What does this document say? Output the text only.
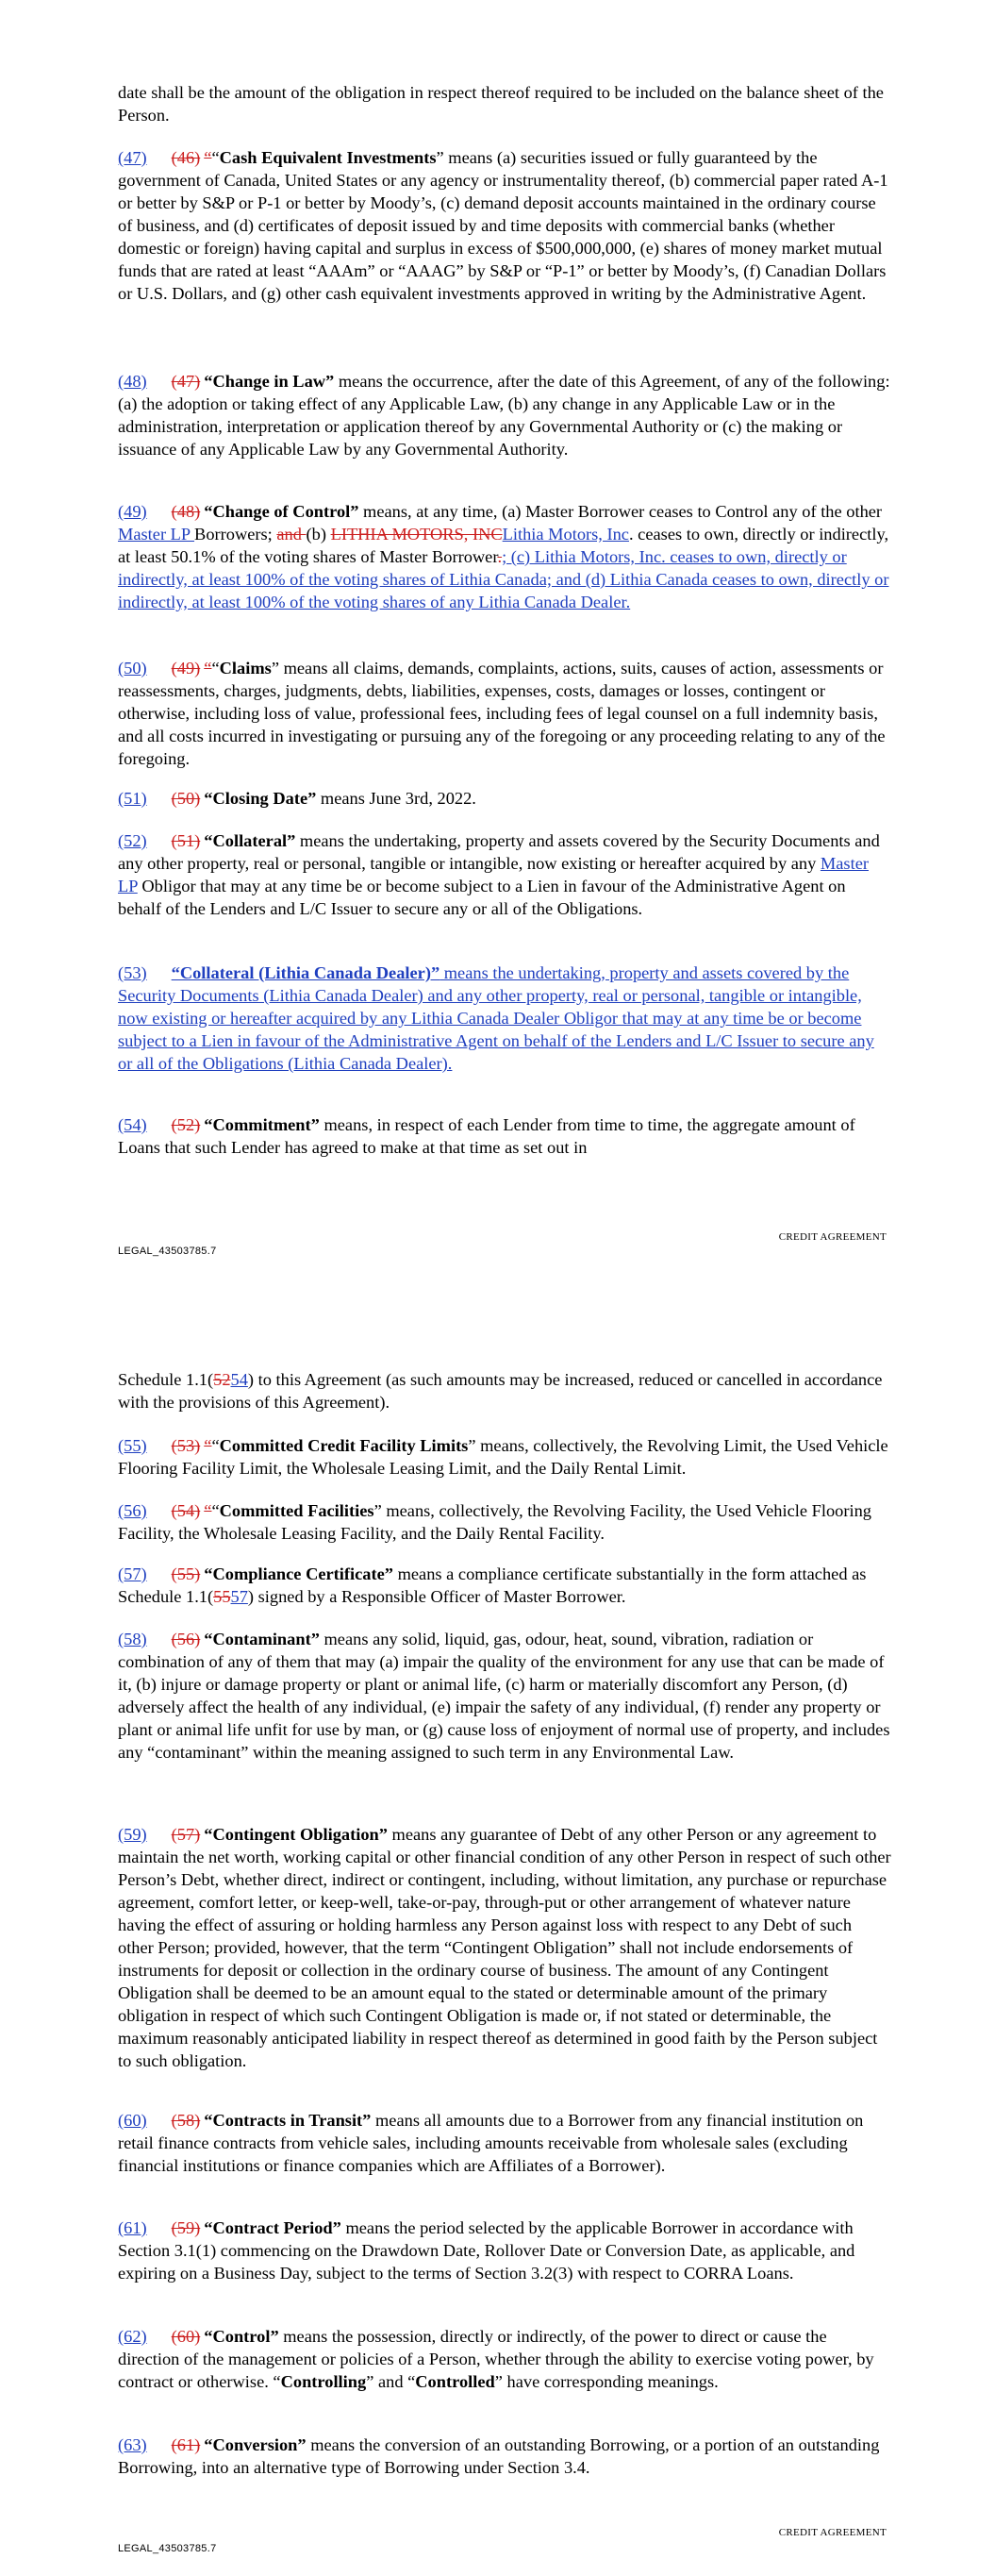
date shall be the amount of the obligation in respect thereof required to be included on the balance sheet of the Person.

(47) (46) ““Cash Equivalent Investments” means (a) securities issued or fully guaranteed by the government of Canada, United States or any agency or instrumentality thereof, (b) commercial paper rated A-1 or better by S&P or P-1 or better by Moody’s, (c) demand deposit accounts maintained in the ordinary course of business, and (d) certificates of deposit issued by and time deposits with commercial banks (whether domestic or foreign) having capital and surplus in excess of $500,000,000, (e) shares of money market mutual funds that are rated at least “AAAm” or “AAAG” by S&P or “P-1” or better by Moody’s, (f) Canadian Dollars or U.S. Dollars, and (g) other cash equivalent investments approved in writing by the Administrative Agent.

(48) (47) “Change in Law” means the occurrence, after the date of this Agreement, of any of the following: (a) the adoption or taking effect of any Applicable Law, (b) any change in any Applicable Law or in the administration, interpretation or application thereof by any Governmental Authority or (c) the making or issuance of any Applicable Law by any Governmental Authority.

(49) (48) “Change of Control” means, at any time, (a) Master Borrower ceases to Control any of the other Master LP Borrowers; and (b) LITHIA MOTORS, INCLithia Motors, Inc. ceases to own, directly or indirectly, at least 50.1% of the voting shares of Master Borrower.; (c) Lithia Motors, Inc. ceases to own, directly or indirectly, at least 100% of the voting shares of Lithia Canada; and (d) Lithia Canada ceases to own, directly or indirectly, at least 100% of the voting shares of any Lithia Canada Dealer.

(50) (49) ““Claims” means all claims, demands, complaints, actions, suits, causes of action, assessments or reassessments, charges, judgments, debts, liabilities, expenses, costs, damages or losses, contingent or otherwise, including loss of value, professional fees, including fees of legal counsel on a full indemnity basis, and all costs incurred in investigating or pursuing any of the foregoing or any proceeding relating to any of the foregoing.

(51) (50) “Closing Date” means June 3rd, 2022.

(52) (51) “Collateral” means the undertaking, property and assets covered by the Security Documents and any other property, real or personal, tangible or intangible, now existing or hereafter acquired by any Master LP Obligor that may at any time be or become subject to a Lien in favour of the Administrative Agent on behalf of the Lenders and L/C Issuer to secure any or all of the Obligations.

(53) “Collateral (Lithia Canada Dealer)” means the undertaking, property and assets covered by the Security Documents (Lithia Canada Dealer) and any other property, real or personal, tangible or intangible, now existing or hereafter acquired by any Lithia Canada Dealer Obligor that may at any time be or become subject to a Lien in favour of the Administrative Agent on behalf of the Lenders and L/C Issuer to secure any or all of the Obligations (Lithia Canada Dealer).

(54) (52) “Commitment” means, in respect of each Lender from time to time, the aggregate amount of Loans that such Lender has agreed to make at that time as set out in

CREDIT AGREEMENT
LEGAL_43503785.7

Schedule 1.1(5254) to this Agreement (as such amounts may be increased, reduced or cancelled in accordance with the provisions of this Agreement).

(55) (53) ““Committed Credit Facility Limits” means, collectively, the Revolving Limit, the Used Vehicle Flooring Facility Limit, the Wholesale Leasing Limit, and the Daily Rental Limit.

(56) (54) ““Committed Facilities” means, collectively, the Revolving Facility, the Used Vehicle Flooring Facility, the Wholesale Leasing Facility, and the Daily Rental Facility.

(57) (55) “Compliance Certificate” means a compliance certificate substantially in the form attached as Schedule 1.1(5557) signed by a Responsible Officer of Master Borrower.

(58) (56) “Contaminant” means any solid, liquid, gas, odour, heat, sound, vibration, radiation or combination of any of them that may (a) impair the quality of the environment for any use that can be made of it, (b) injure or damage property or plant or animal life, (c) harm or materially discomfort any Person, (d) adversely affect the health of any individual, (e) impair the safety of any individual, (f) render any property or plant or animal life unfit for use by man, or (g) cause loss of enjoyment of normal use of property, and includes any “contaminant” within the meaning assigned to such term in any Environmental Law.

(59) (57) “Contingent Obligation” means any guarantee of Debt of any other Person or any agreement to maintain the net worth, working capital or other financial condition of any other Person in respect of such other Person’s Debt, whether direct, indirect or contingent, including, without limitation, any purchase or repurchase agreement, comfort letter, or keep-well, take-or-pay, through-put or other arrangement of whatever nature having the effect of assuring or holding harmless any Person against loss with respect to any Debt of such other Person; provided, however, that the term “Contingent Obligation” shall not include endorsements of instruments for deposit or collection in the ordinary course of business. The amount of any Contingent Obligation shall be deemed to be an amount equal to the stated or determinable amount of the primary obligation in respect of which such Contingent Obligation is made or, if not stated or determinable, the maximum reasonably anticipated liability in respect thereof as determined in good faith by the Person subject to such obligation.

(60) (58) “Contracts in Transit” means all amounts due to a Borrower from any financial institution on retail finance contracts from vehicle sales, including amounts receivable from wholesale sales (excluding financial institutions or finance companies which are Affiliates of a Borrower).

(61) (59) “Contract Period” means the period selected by the applicable Borrower in accordance with Section 3.1(1) commencing on the Drawdown Date, Rollover Date or Conversion Date, as applicable, and expiring on a Business Day, subject to the terms of Section 3.2(3) with respect to CORRA Loans.

(62) (60) “Control” means the possession, directly or indirectly, of the power to direct or cause the direction of the management or policies of a Person, whether through the ability to exercise voting power, by contract or otherwise. “Controlling” and “Controlled” have corresponding meanings.

(63) (61) “Conversion” means the conversion of an outstanding Borrowing, or a portion of an outstanding Borrowing, into an alternative type of Borrowing under Section 3.4.

CREDIT AGREEMENT
LEGAL_43503785.7
